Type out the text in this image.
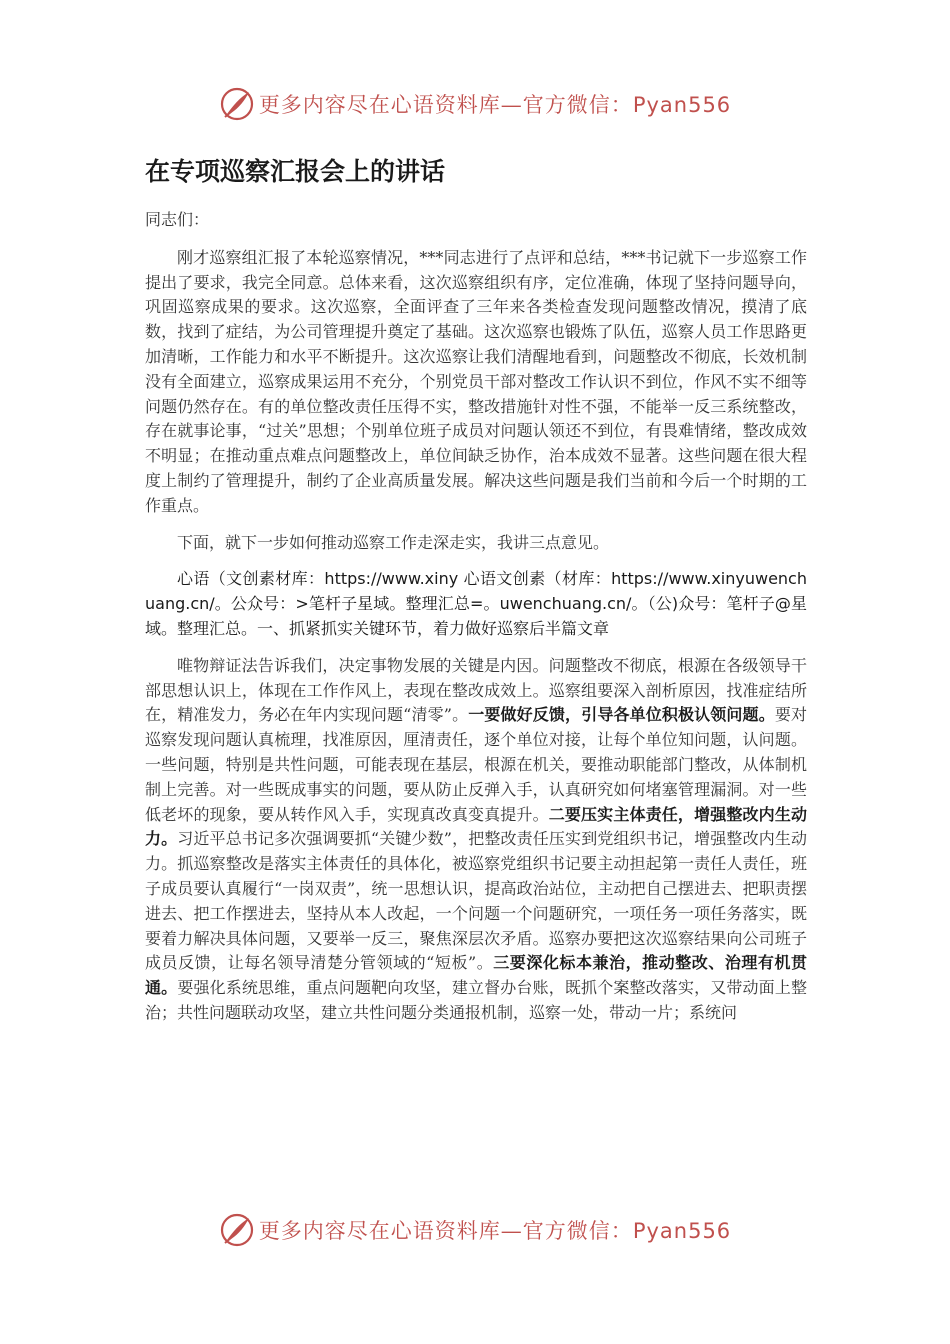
更多内容尽在心语资料库—官方微信：Pyan556
在专项巡察汇报会上的讲话

同志们：

刚才巡察组汇报了本轮巡察情况，***同志进行了点评和总结，***书记就下一步巡察工作提出了要求，我完全同意。总体来看，这次巡察组织有序，定位准确，体现了坚持问题导向，巩固巡察成果的要求。这次巡察，全面评查了三年来各类检查发现问题整改情况，摸清了底数，找到了症结，为公司管理提升奠定了基础。这次巡察也锻炼了队伍，巡察人员工作思路更加清晰，工作能力和水平不断提升。这次巡察让我们清醒地看到，问题整改不彻底，长效机制没有全面建立，巡察成果运用不充分，个别党员干部对整改工作认识不到位，作风不实不细等问题仍然存在。有的单位整改责任压得不实，整改措施针对性不强，不能举一反三系统整改，存在就事论事，“过关”思想；个别单位班子成员对问题认领还不到位，有畏难情绪，整改成效不明显；在推动重点难点问题整改上，单位间缺乏协作，治本成效不显著。这些问题在很大程度上制约了管理提升，制约了企业高质量发展。解决这些问题是我们当前和今后一个时期的工作重点。

下面，就下一步如何推动巡察工作走深走实，我讲三点意见。

心语（文创素材库：https://www.xiny 心语文创素（材库：https://www.xinyuwenchuang.cn/。公众号：>笔杆子星域。整理汇总=。uwenchuang.cn/。（公)众号：笔杆子@星域。整理汇总。一、抓紧抓实关键环节，着力做好巡察后半篇文章

唯物辩证法告诉我们，决定事物发展的关键是内因。问题整改不彻底，根源在各级领导干部思想认识上，体现在工作作风上，表现在整改成效上。巡察组要深入剖析原因，找准症结所在，精准发力，务必在年内实现问题“清零”。一要做好反馈，引导各单位积极认领问题。要对巡察发现问题认真梳理，找准原因，厘清责任，逐个单位对接，让每个单位知问题，认问题。一些问题，特别是共性问题，可能表现在基层，根源在机关，要推动职能部门整改，从体制机制上完善。对一些既成事实的问题，要从防止反弹入手，认真研究如何堵塞管理漏洞。对一些低老坏的现象，要从转作风入手，实现真改真变真提升。二要压实主体责任，增强整改内生动力。习近平总书记多次强调要抓“关键少数”，把整改责任压实到党组织书记，增强整改内生动力。抓巡察整改是落实主体责任的具体化，被巡察党组织书记要主动担起第一责任人责任，班子成员要认真履行“一岗双责”，统一思想认识，提高政治站位，主动把自己摆进去、把职责摆进去、把工作摆进去，坚持从本人改起，一个问题一个问题研究，一项任务一项任务落实，既要着力解决具体问题，又要举一反三，聚焦深层次矛盾。巡察办要把这次巡察结果向公司班子成员反馈，让每名领导清楚分管领域的“短板”。三要深化标本兼治，推动整改、治理有机贯通。要强化系统思维，重点问题靶向攻坚，建立督办台账，既抓个案整改落实，又带动面上整治；共性问题联动攻坚，建立共性问题分类通报机制，巡察一处，带动一片；系统问

更多内容尽在心语资料库—官方微信：Pyan556
